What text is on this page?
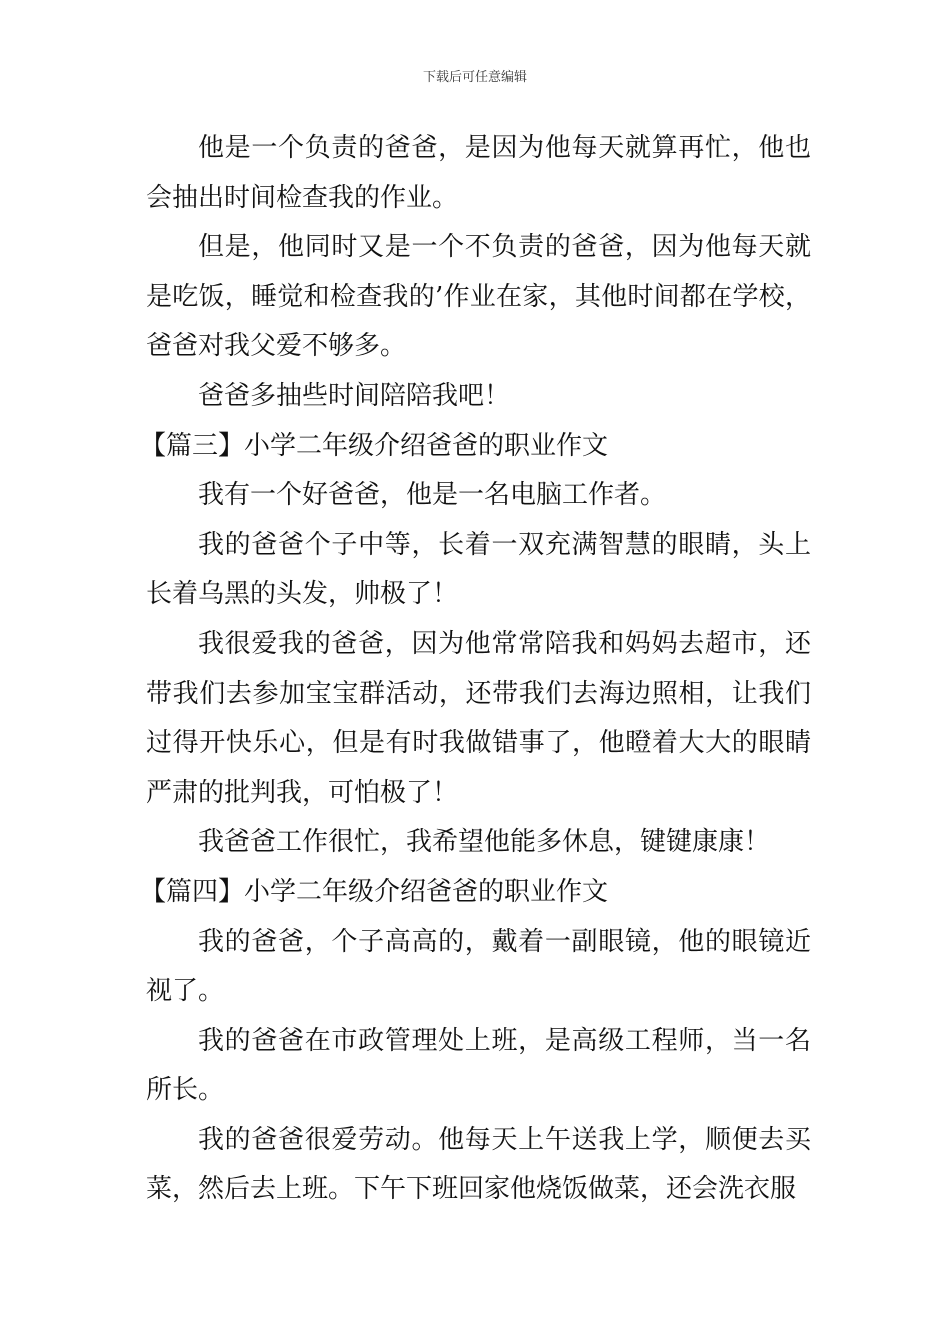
下载后可任意编辑

他是一个负责的爸爸，是因为他每天就算再忙，他也会抽出时间检查我的作业。

但是，他同时又是一个不负责的爸爸，因为他每天就是吃饭，睡觉和检查我的’作业在家，其他时间都在学校，爸爸对我父爱不够多。

爸爸多抽些时间陪陪我吧！

【篇三】小学二年级介绍爸爸的职业作文

我有一个好爸爸，他是一名电脑工作者。

我的爸爸个子中等，长着一双充满智慧的眼睛，头上长着乌黑的头发，帅极了！

我很爱我的爸爸，因为他常常陪我和妈妈去超市，还带我们去参加宝宝群活动，还带我们去海边照相，让我们过得开快乐心，但是有时我做错事了，他瞪着大大的眼睛严肃的批判我，可怕极了！

我爸爸工作很忙，我希望他能多休息，键键康康！

【篇四】小学二年级介绍爸爸的职业作文

我的爸爸，个子高高的，戴着一副眼镜，他的眼镜近视了。

我的爸爸在市政管理处上班，是高级工程师，当一名所长。

我的爸爸很爱劳动。他每天上午送我上学，顺便去买菜，然后去上班。下午下班回家他烧饭做菜，还会洗衣服
